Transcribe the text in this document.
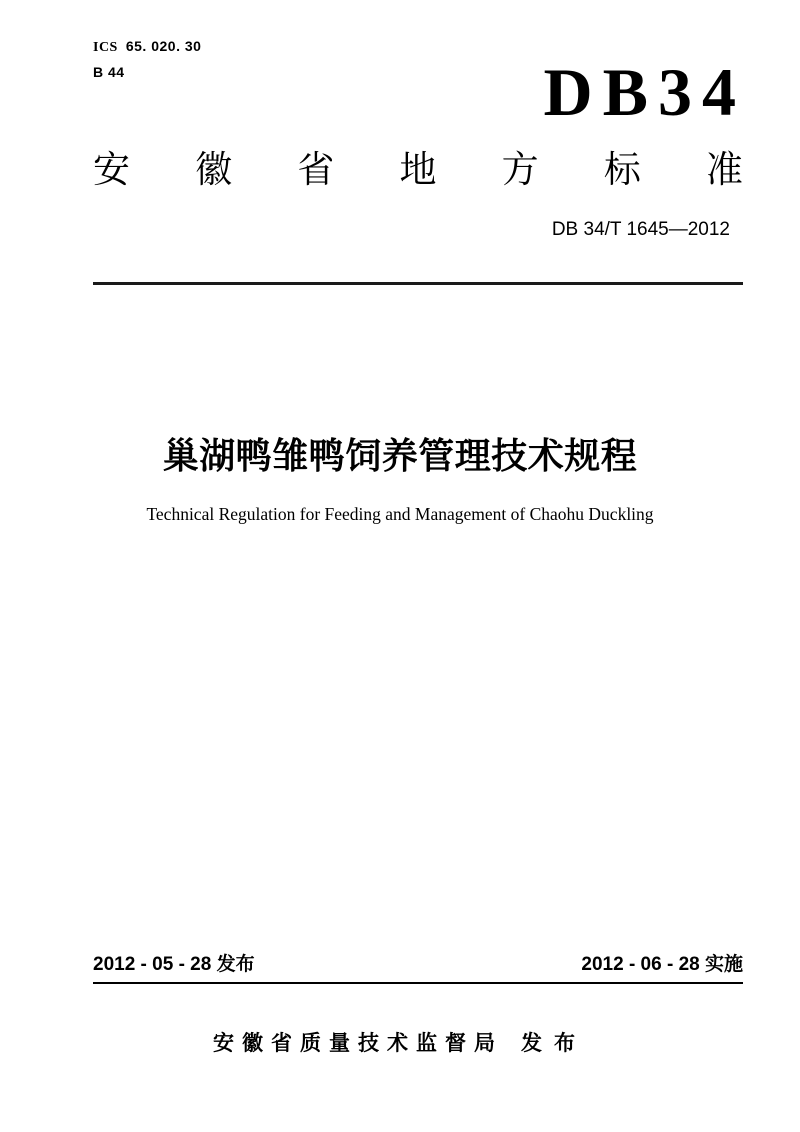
ICS 65. 020. 30
B 44	DB34
安 徽 省 地 方 标 准
DB 34/T 1645—2012
巢湖鸭雏鸭饲养管理技术规程
Technical Regulation for Feeding and Management of Chaohu Duckling
2012 - 05 - 28 发布	2012 - 06 - 28 实施
安徽省质量技术监督局 发布
